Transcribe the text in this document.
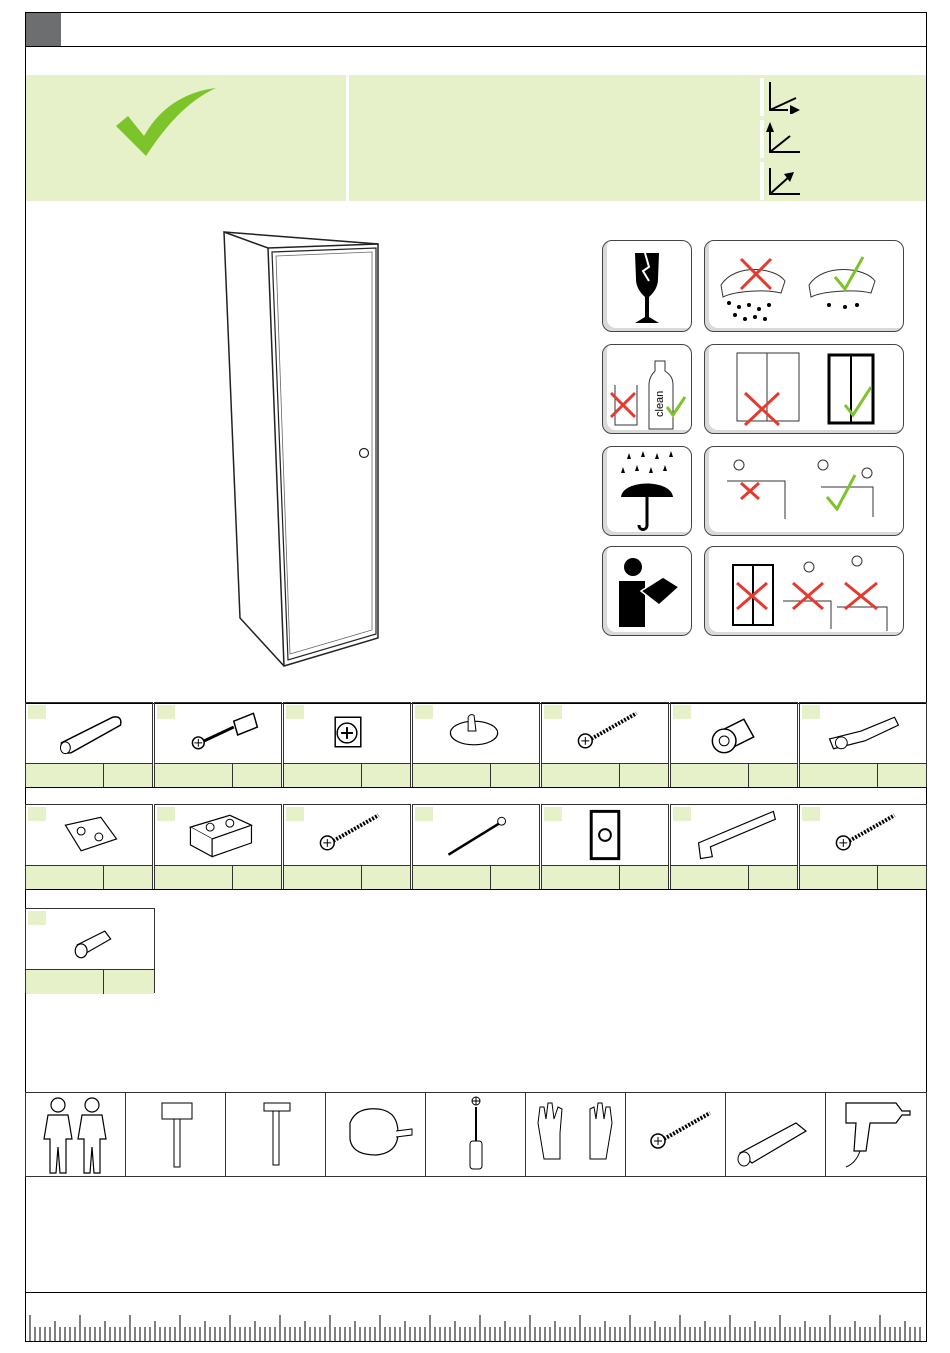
clean
